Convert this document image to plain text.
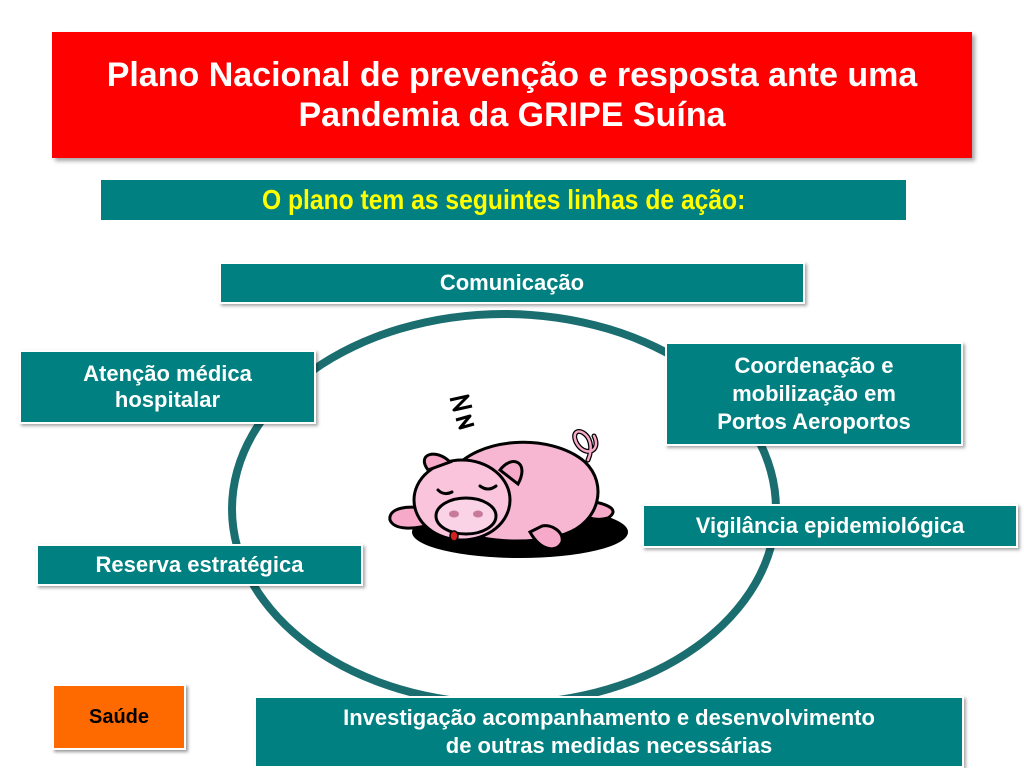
Plano Nacional de prevenção e resposta ante uma Pandemia da GRIPE Suína
O plano tem as seguintes linhas de ação:
Comunicação
Atenção médica
hospitalar
Coordenação e
mobilização em
Portos Aeroportos
Vigilância epidemiológica
Reserva estratégica
Investigação acompanhamento e desenvolvimento
de outras medidas necessárias
Saúde
